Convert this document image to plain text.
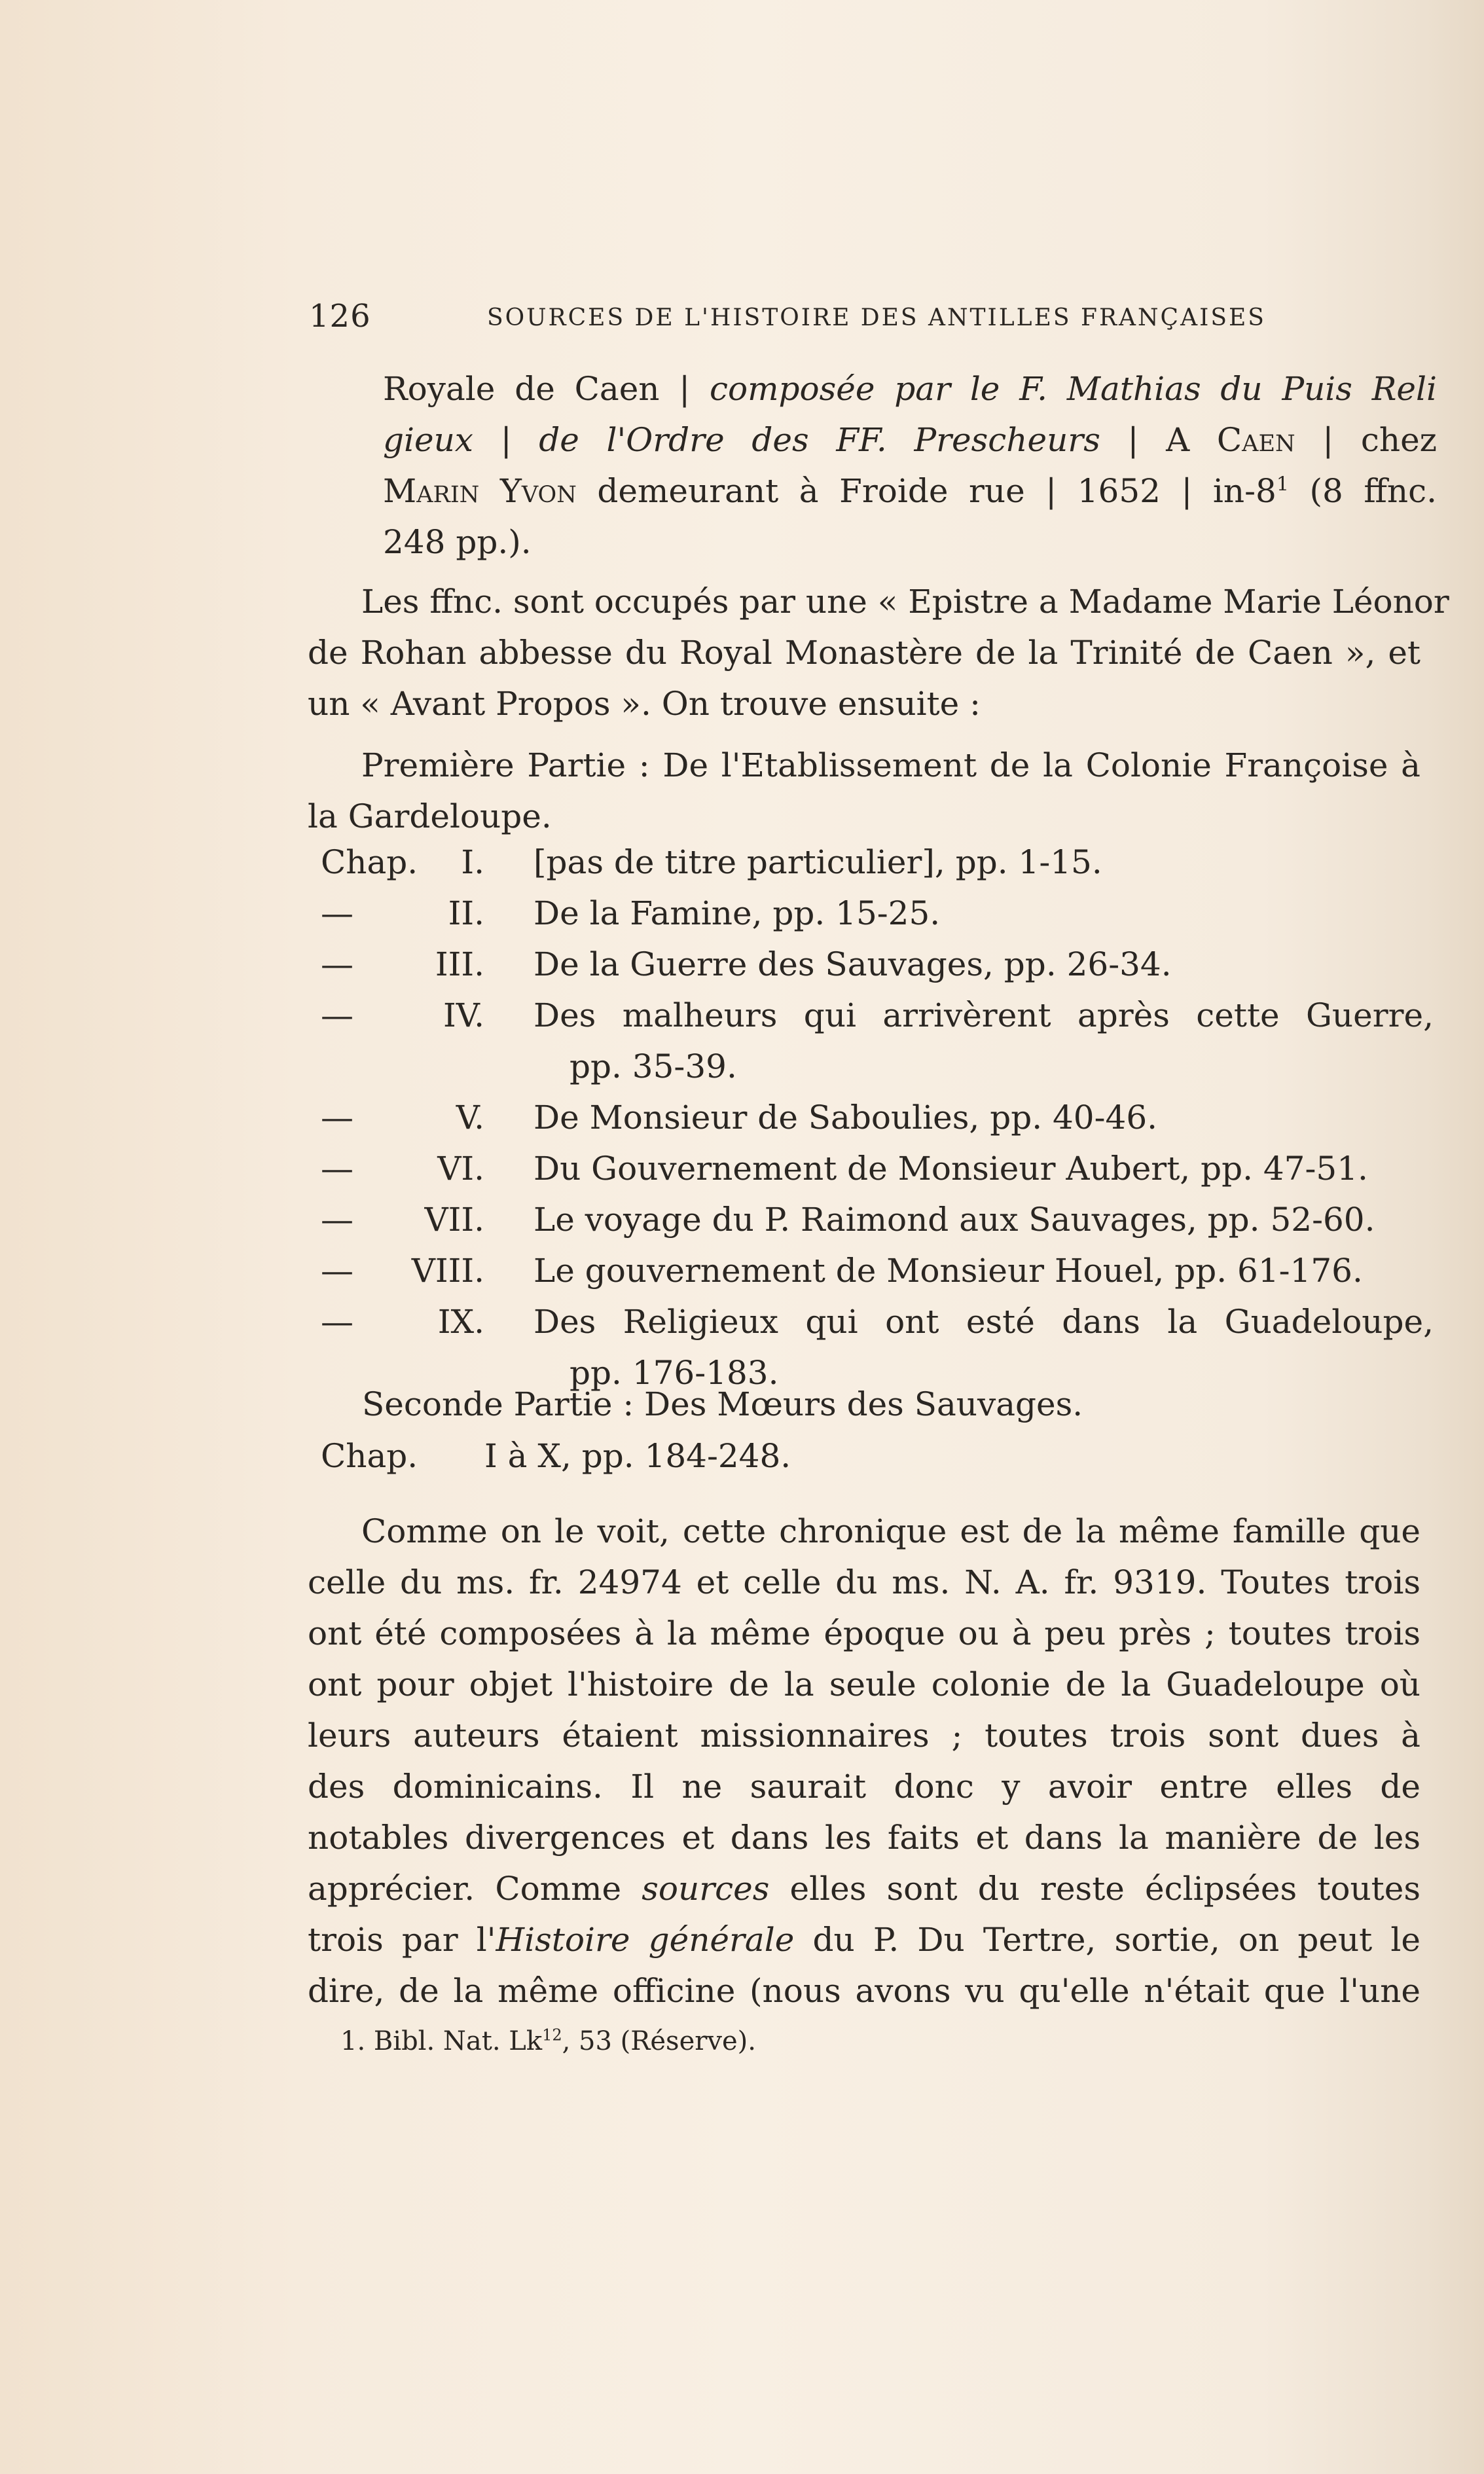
126	SOURCES DE L'HISTOIRE DES ANTILLES FRANÇAISES
Royale de Caen | composée par le F. Mathias du Puis Reli
gieux | de l'Ordre des FF. Prescheurs | A Caen | chez
Marin Yvon demeurant à Froide rue | 1652 | $in-8^1$ (8 ffnc.
248 pp.).
Les ffnc. sont occupés par une « Epistre a Madame Marie Léonor
de Rohan abbesse du Royal Monastère de la Trinité de Caen », et
un « Avant Propos ». On trouve ensuite :
Première Partie : De l'Etablissement de la Colonie Françoise à
la Gardeloupe.
Chap.	I. [pas de titre particulier], pp. 1-15.
—	II. De la Famine, pp. 15-25.
—	III. De la Guerre des Sauvages, pp. 26-34.
—	IV. Des malheurs qui arrivèrent après cette Guerre,
pp. 35-39.
—	V. De Monsieur de Saboulies, pp. 40-46.
—	VI. Du Gouvernement de Monsieur Aubert, pp. 47-51.
—	VII. Le voyage du P. Raimond aux Sauvages, pp. 52-60.
—	VIII. Le gouvernement de Monsieur Houel, pp. 61-176.
—	IX. Des Religieux qui ont esté dans la Guadeloupe,
pp. 176-183.
Seconde Partie : Des Mœurs des Sauvages.
Chap. I à X, pp. 184-248.
Comme on le voit, cette chronique est de la même famille que
celle du ms. fr. 24974 et celle du ms. N. A. fr. 9319. Toutes trois
ont été composées à la même époque ou à peu près ; toutes trois
ont pour objet l'histoire de la seule colonie de la Guadeloupe où
leurs auteurs étaient missionnaires ; toutes trois sont dues à
des dominicains. Il ne saurait donc y avoir entre elles de
notables divergences et dans les faits et dans la manière de les
apprécier. Comme sources elles sont du reste éclipsées toutes
trois par l'Histoire générale du P. Du Tertre, sortie, on peut le
dire, de la même officine (nous avons vu qu'elle n'était que l'une
1. Bibl. Nat. Lk$^{12}$, 53 (Réserve).
